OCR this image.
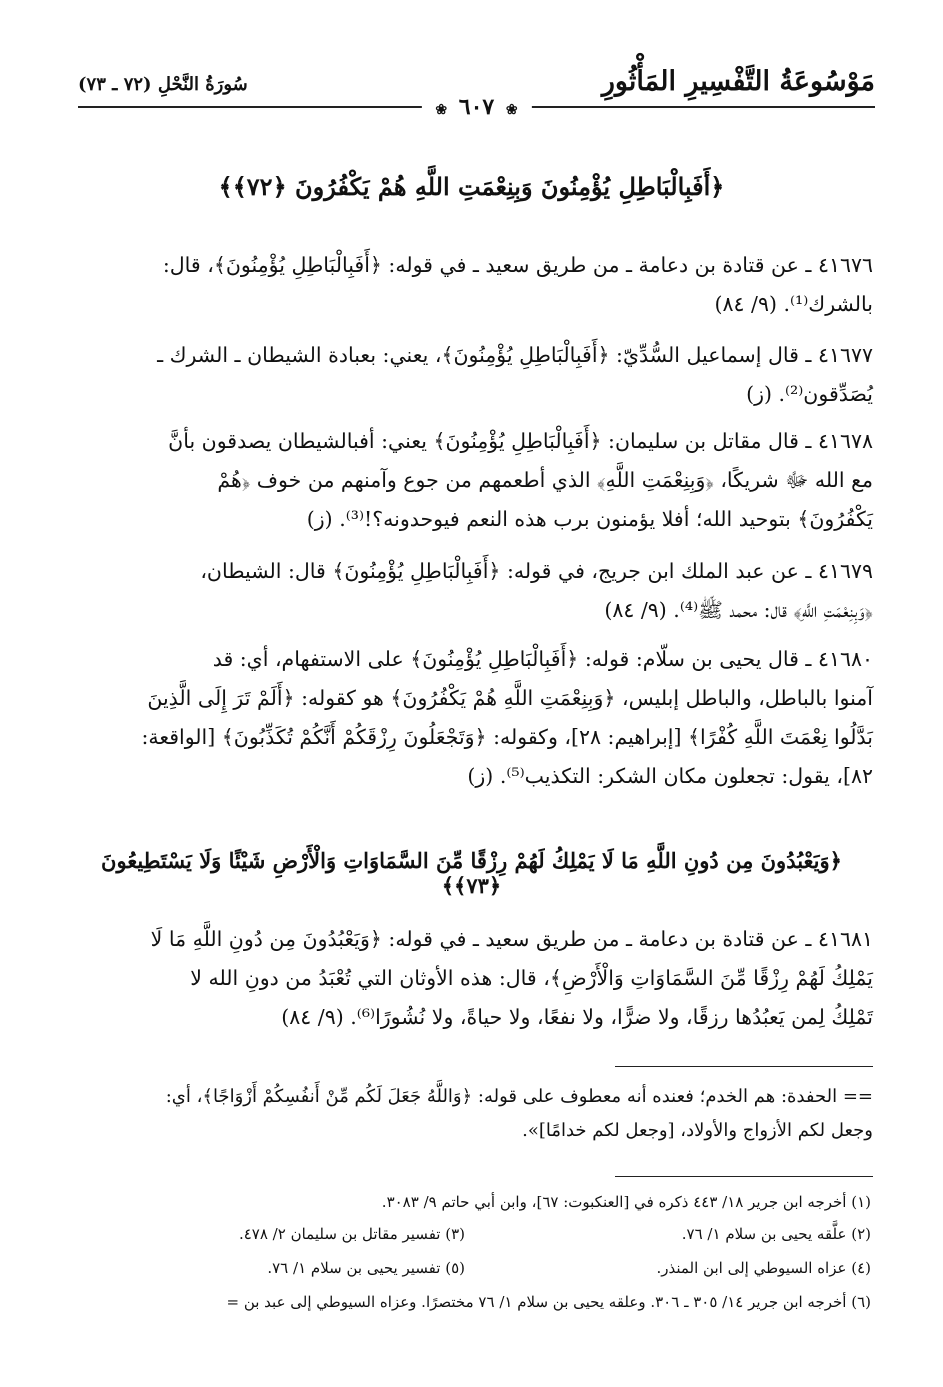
مَوْسُوعَةُ التَّفْسِيرِ المَأْثُورِ
سُورَةُ النَّحْلِ (٧٢ ـ ٧٣)
❀ ٦٠٧ ❀
﴿أَفَبِالْبَاطِلِ يُؤْمِنُونَ وَبِنِعْمَتِ اللَّهِ هُمْ يَكْفُرُونَ ﴿٧٢﴾﴾
٤١٦٧٦ ـ عن قتادة بن دعامة ـ من طريق سعيد ـ في قوله: ﴿أَفَبِالْبَاطِلِ يُؤْمِنُونَ﴾، قال:
بالشرك⁽¹⁾. (٩/ ٨٤)
٤١٦٧٧ ـ قال إسماعيل السُّدِّيّ: ﴿أَفَبِالْبَاطِلِ يُؤْمِنُونَ﴾، يعني: بعبادة الشيطان ـ الشرك ـ
يُصَدِّقون⁽²⁾. (ز)
٤١٦٧٨ ـ قال مقاتل بن سليمان: ﴿أَفَبِالْبَاطِلِ يُؤْمِنُونَ﴾ يعني: أفبالشيطان يصدقون بأنَّ
مع الله ﷻ شريكًا، ﴿وَبِنِعْمَتِ اللَّهِ﴾ الذي أطعمهم من جوع وآمنهم من خوف ﴿هُمْ
يَكْفُرُونَ﴾ بتوحيد الله؛ أفلا يؤمنون برب هذه النعم فيوحدونه؟!⁽³⁾. (ز)
٤١٦٧٩ ـ عن عبد الملك ابن جريج، في قوله: ﴿أَفَبِالْبَاطِلِ يُؤْمِنُونَ﴾ قال: الشيطان،
﴿وَبِنِعْمَتِ اللَّهِ﴾ قال: محمد ﷺ⁽⁴⁾. (٩/ ٨٤)
٤١٦٨٠ ـ قال يحيى بن سلّام: قوله: ﴿أَفَبِالْبَاطِلِ يُؤْمِنُونَ﴾ على الاستفهام، أي: قد
آمنوا بالباطل، والباطل إبليس، ﴿وَبِنِعْمَتِ اللَّهِ هُمْ يَكْفُرُونَ﴾ هو كقوله: ﴿أَلَمْ تَرَ إِلَى الَّذِينَ
بَدَّلُوا نِعْمَتَ اللَّهِ كُفْرًا﴾ [إبراهيم: ٢٨]، وكقوله: ﴿وَتَجْعَلُونَ رِزْقَكُمْ أَنَّكُمْ تُكَذِّبُونَ﴾ [الواقعة:
٨٢]، يقول: تجعلون مكان الشكر: التكذيب⁽⁵⁾. (ز)
﴿وَيَعْبُدُونَ مِن دُونِ اللَّهِ مَا لَا يَمْلِكُ لَهُمْ رِزْقًا مِّنَ السَّمَاوَاتِ وَالْأَرْضِ شَيْئًا وَلَا يَسْتَطِيعُونَ ﴿٧٣﴾﴾
٤١٦٨١ ـ عن قتادة بن دعامة ـ من طريق سعيد ـ في قوله: ﴿وَيَعْبُدُونَ مِن دُونِ اللَّهِ مَا لَا
يَمْلِكُ لَهُمْ رِزْقًا مِّنَ السَّمَاوَاتِ وَالْأَرْضِ﴾، قال: هذه الأوثان التي تُعْبَدُ من دونِ الله لا
تَمْلِكُ لِمن يَعبُدُها رزقًا، ولا ضرًّا، ولا نفعًا، ولا حياةً، ولا نُشُورًا⁽⁶⁾. (٩/ ٨٤)
== الحفدة: هم الخدم؛ فعنده أنه معطوف على قوله: ﴿وَاللَّهُ جَعَلَ لَكُم مِّنْ أَنفُسِكُمْ أَزْوَاجًا﴾، أي:
وجعل لكم الأزواج والأولاد، [وجعل لكم خدامًا]».
(١) أخرجه ابن جرير ١٨/ ٤٤٣ ذكره في [العنكبوت: ٦٧]، وابن أبي حاتم ٩/ ٣٠٨٣.
(٢) علَّقه يحيى بن سلام ١/ ٧٦.
(٣) تفسير مقاتل بن سليمان ٢/ ٤٧٨.
(٤) عزاه السيوطي إلى ابن المنذر.
(٥) تفسير يحيى بن سلام ١/ ٧٦.
(٦) أخرجه ابن جرير ١٤/ ٣٠٥ ـ ٣٠٦. وعلقه يحيى بن سلام ١/ ٧٦ مختصرًا. وعزاه السيوطي إلى عبد بن =
